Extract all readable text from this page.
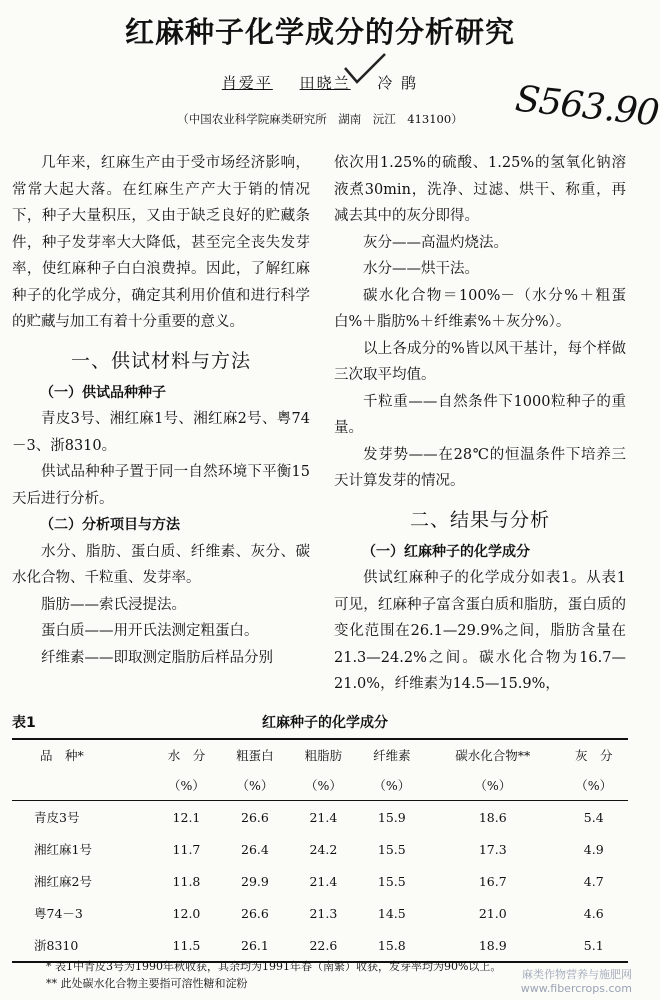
红麻种子化学成分的分析研究
肖爱平 田晓兰 冷 鹃	S563.90
（中国农业科学院麻类研究所　湖南　沅江　413100）

几年来，红麻生产由于受市场经济影响，常常大起大落。在红麻生产产大于销的情况下，种子大量积压，又由于缺乏良好的贮藏条件，种子发芽率大大降低，甚至完全丧失发芽率，使红麻种子白白浪费掉。因此，了解红麻种子的化学成分，确定其利用价值和进行科学的贮藏与加工有着十分重要的意义。

一、供试材料与方法

（一）供试品种种子

青皮3号、湘红麻1号、湘红麻2号、粤74－3、浙8310。

供试品种种子置于同一自然环境下平衡15天后进行分析。

（二）分析项目与方法

水分、脂肪、蛋白质、纤维素、灰分、碳水化合物、千粒重、发芽率。

脂肪——索氏浸提法。

蛋白质——用开氏法测定粗蛋白。

纤维素——即取测定脂肪后样品分别

依次用1.25%的硫酸、1.25%的氢氧化钠溶液煮30min，洗净、过滤、烘干、称重，再减去其中的灰分即得。

灰分——高温灼烧法。

水分——烘干法。

碳水化合物＝100%－（水分%＋粗蛋白%＋脂肪%＋纤维素%＋灰分%）。

以上各成分的%皆以风干基计，每个样做三次取平均值。

千粒重——自然条件下1000粒种子的重量。

发芽势——在28℃的恒温条件下培养三天计算发芽的情况。

二、结果与分析

（一）红麻种子的化学成分

供试红麻种子的化学成分如表1。从表1可见，红麻种子富含蛋白质和脂肪，蛋白质的变化范围在26.1—29.9%之间，脂肪含量在21.3—24.2%之间。碳水化合物为16.7—21.0%，纤维素为14.5—15.9%，

表1	红麻种子的化学成分
品　种*	水　分	粗蛋白	粗脂肪	纤维素	碳水化合物**	灰　分
	（%）	（%）	（%）	（%）	（%）	（%）
青皮3号	12.1	26.6	21.4	15.9	18.6	5.4
湘红麻1号	11.7	26.4	24.2	15.5	17.3	4.9
湘红麻2号	11.8	29.9	21.4	15.5	16.7	4.7
粤74－3	12.0	26.6	21.3	14.5	21.0	4.6
浙8310	11.5	26.1	22.6	15.8	18.9	5.1
* 表1中青皮3号为1990年秋收获，其余均为1991年春（南繁）收获，发芽率均为90%以上。
** 此处碳水化合物主要指可溶性糖和淀粉
麻类作物营养与施肥网
www.fibercrops.com
